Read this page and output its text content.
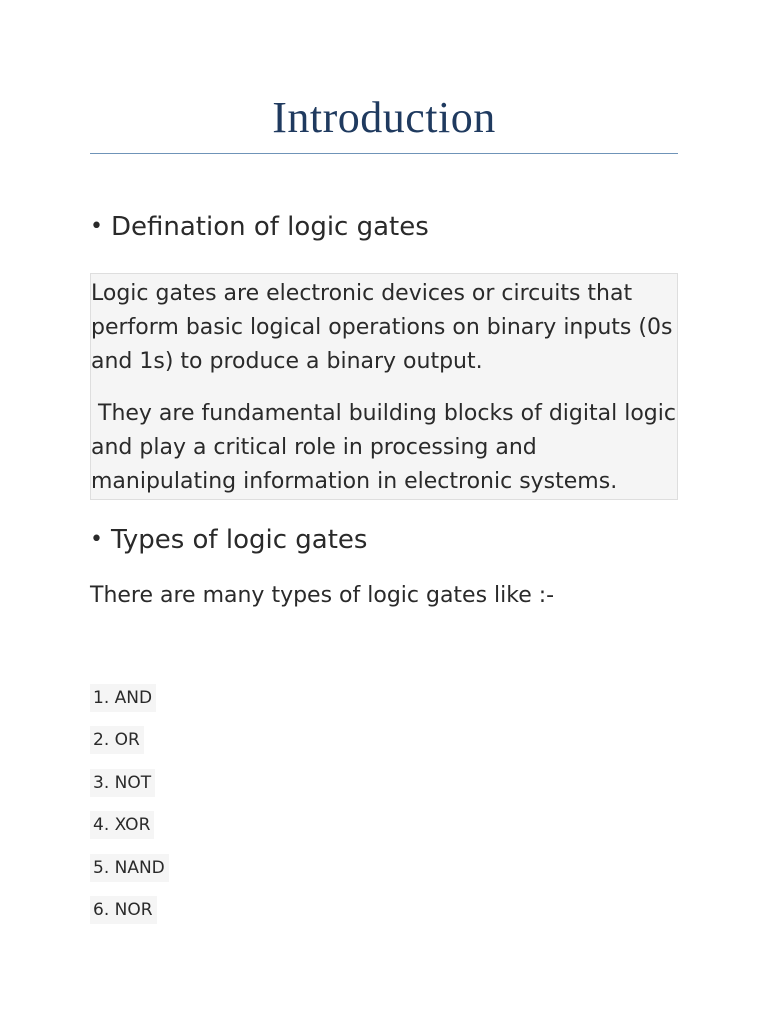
Introduction
• Defination of logic gates

Logic gates are electronic devices or circuits that perform basic logical operations on binary inputs (0s and 1s) to produce a binary output.

They are fundamental building blocks of digital logic and play a critical role in processing and manipulating information in electronic systems.

• Types of logic gates

There are many types of logic gates like :-

1. AND
2. OR
3. NOT
4. XOR
5. NAND
6. NOR
